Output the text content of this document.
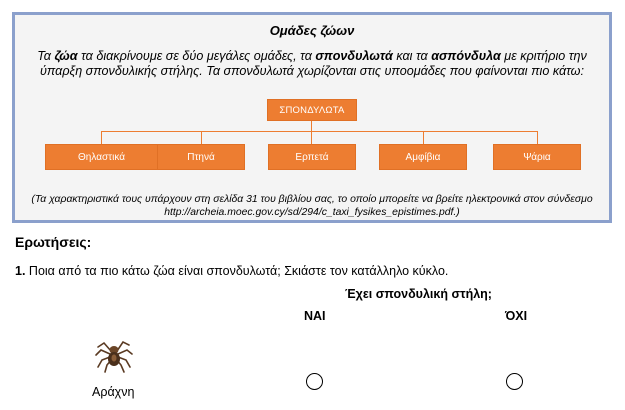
Ομάδες ζώων
Τα ζώα τα διακρίνουμε σε δύο μεγάλες ομάδες, τα σπονδυλωτά και τα ασπόνδυλα με κριτήριο την ύπαρξη σπονδυλικής στήλης. Τα σπονδυλωτά χωρίζονται στις υποομάδες που φαίνονται πιο κάτω:
ΣΠΟΝΔΥΛΩΤΑ
Θηλαστικά	Πτηνά	Ερπετά	Αμφίβια	Ψάρια
(Τα χαρακτηριστικά τους υπάρχουν στη σελίδα 31 του βιβλίου σας, το οποίο μπορείτε να βρείτε ηλεκτρονικά στον σύνδεσμο http://archeia.moec.gov.cy/sd/294/c_taxi_fysikes_epistimes.pdf.)
Ερωτήσεις:
1. Ποια από τα πιο κάτω ζώα είναι σπονδυλωτά; Σκιάστε τον κατάλληλο κύκλο.
Έχει σπονδυλική στήλη;
ΝΑΙ	ΌΧΙ
Αράχνη
